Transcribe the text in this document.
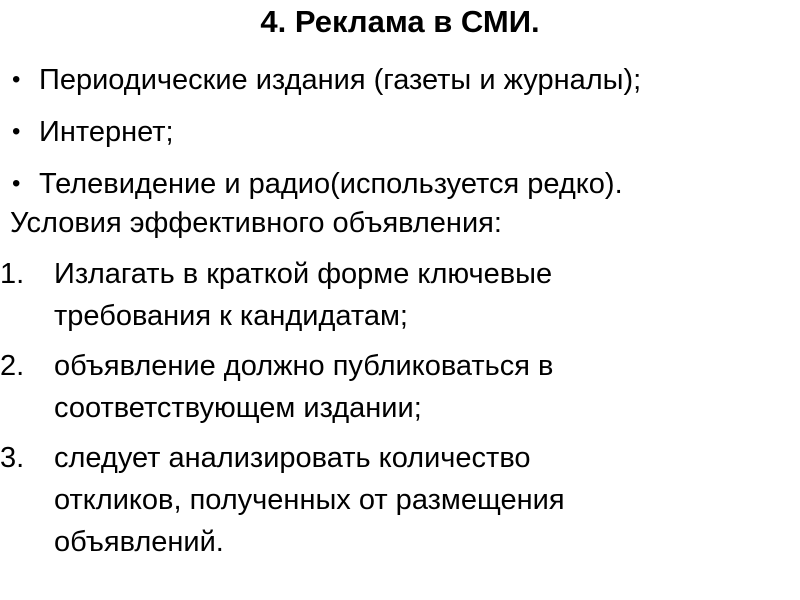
4. Реклама в СМИ.
• Периодические издания (газеты и журналы);
• Интернет;
• Телевидение и радио(используется редко).
Условия эффективного объявления:
1. Излагать в краткой форме ключевые
требования к кандидатам;
2. объявление должно публиковаться в
соответствующем издании;
3. следует анализировать количество
откликов, полученных от размещения
объявлений.
